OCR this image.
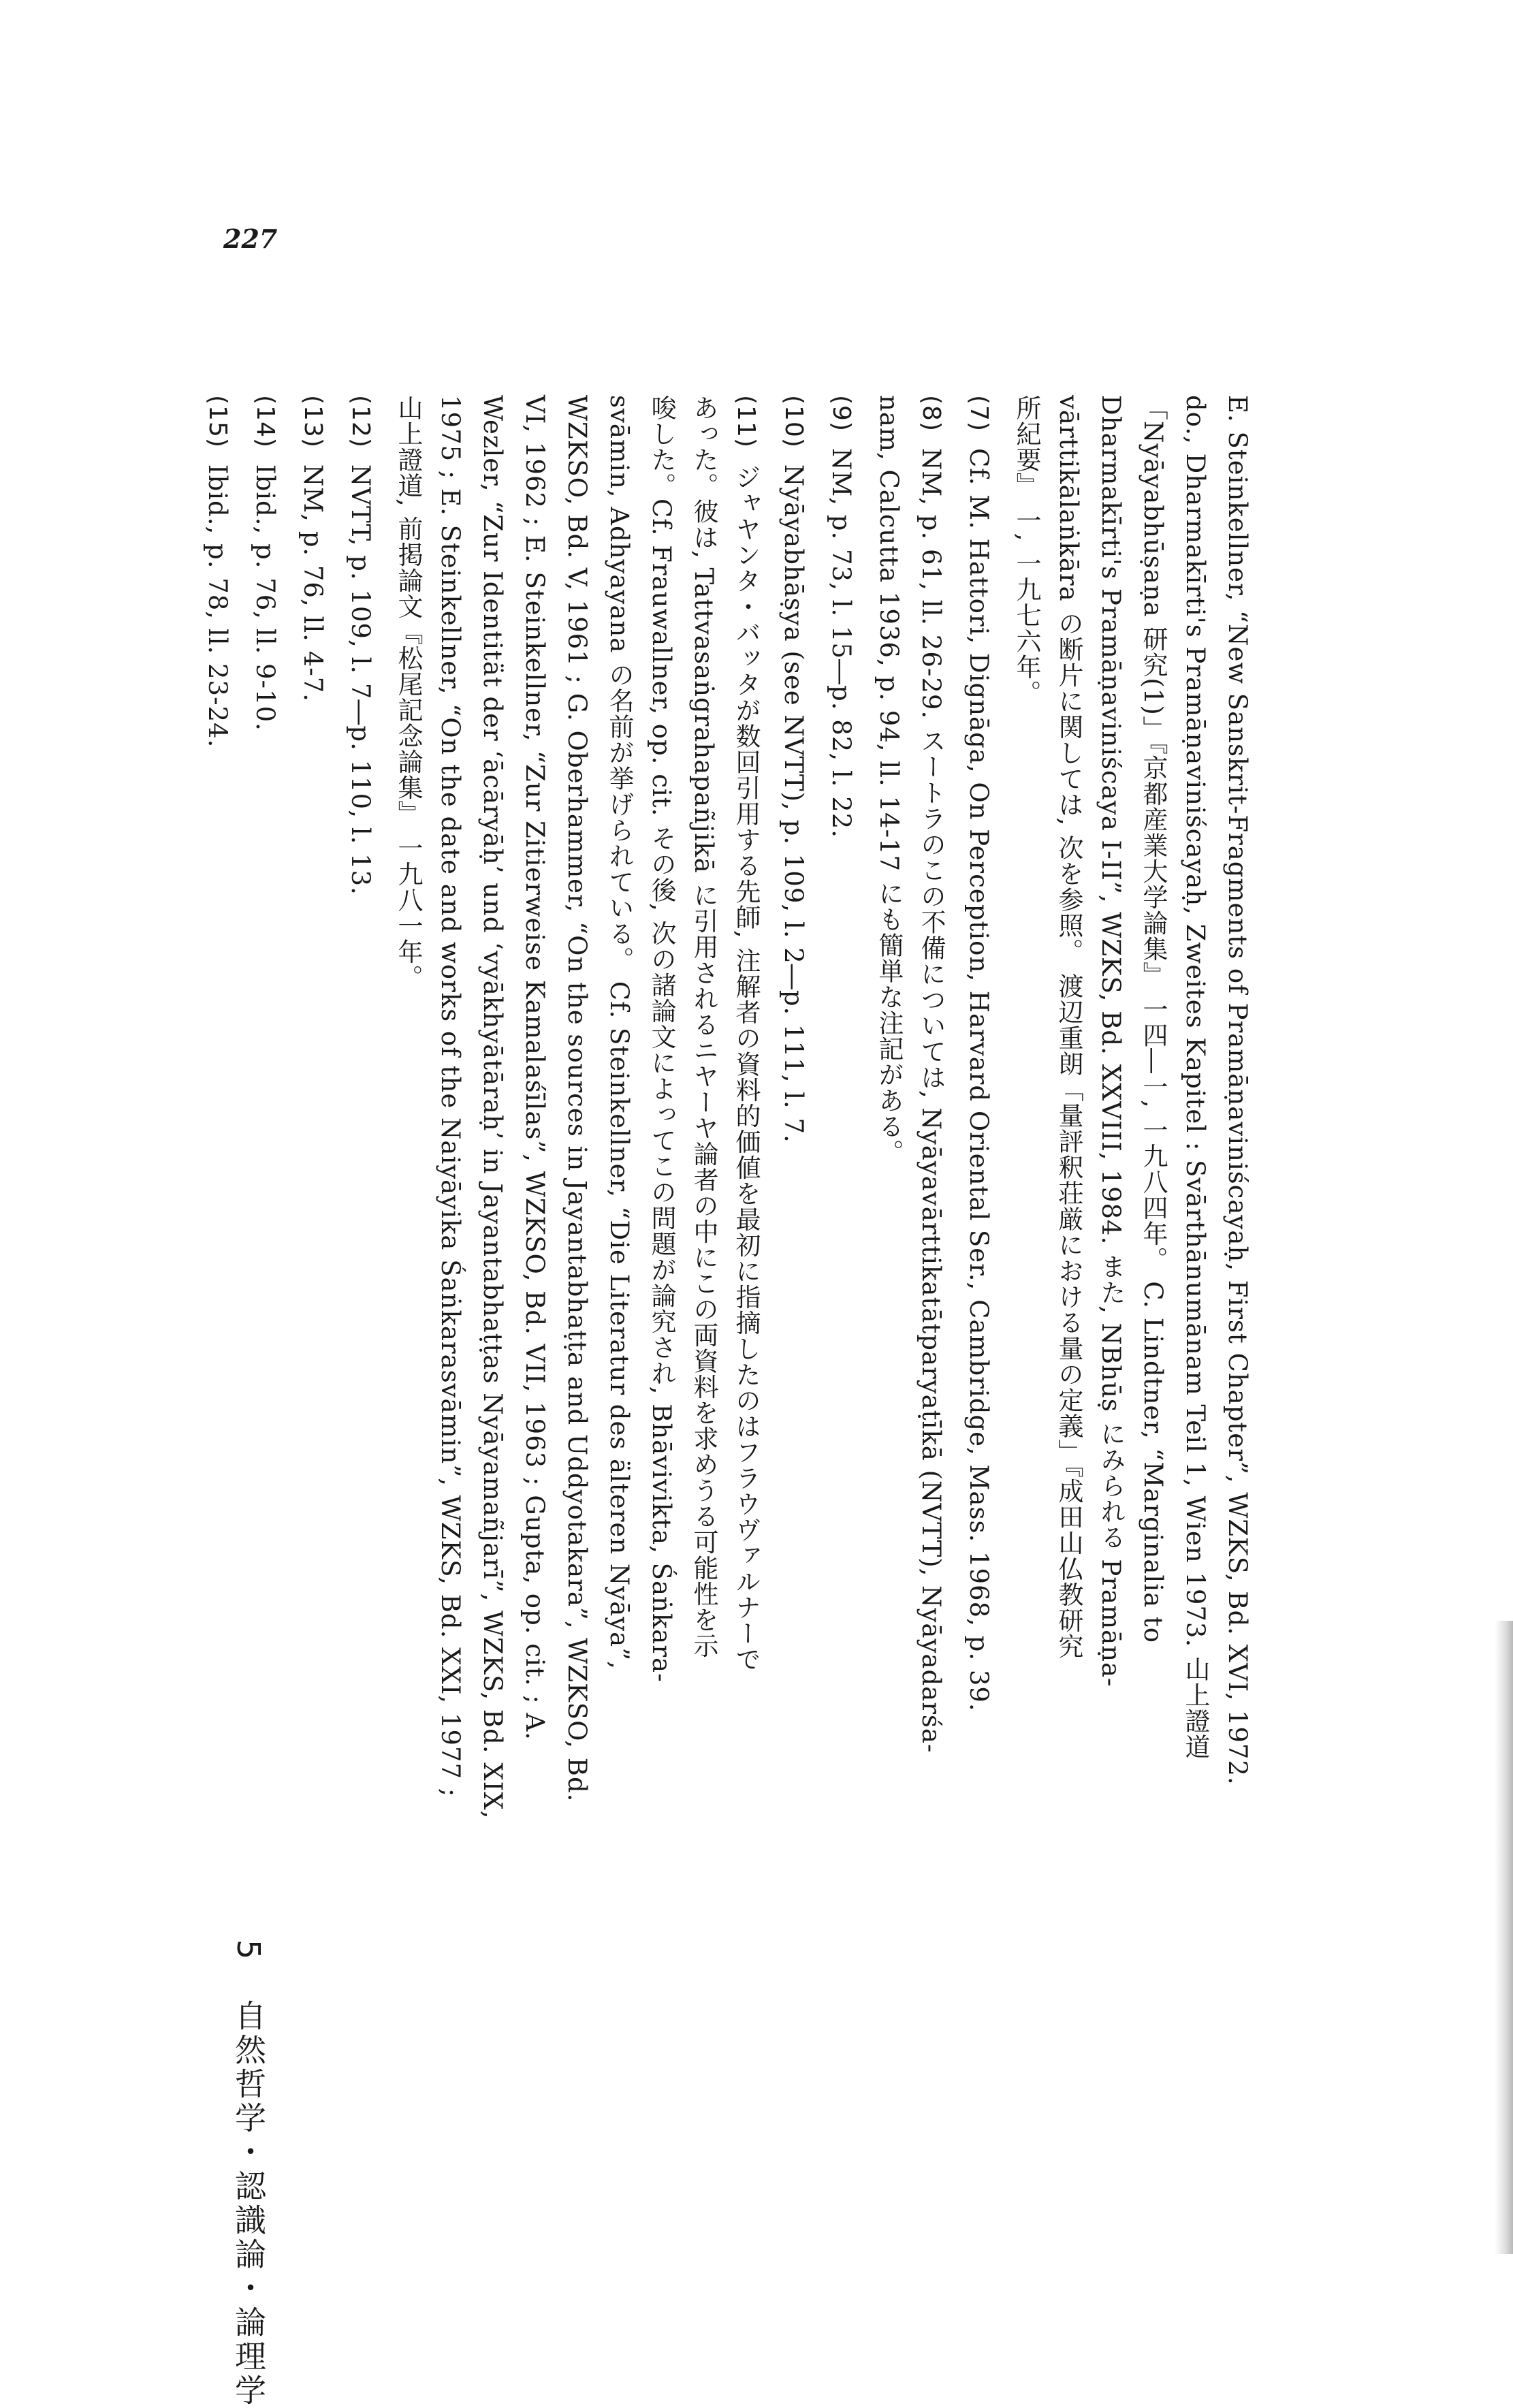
227
E. Steinkellner, “New Sanskrit-Fragments of Pramāṇaviniścayaḥ, First Chapter”, WZKS, Bd. XVI, 1972.
do., Dharmakīrti's Pramāṇaviniścayaḥ, Zweites Kapitel : Svārthānumānam Teil 1, Wien 1973. 山上證道
「Nyāyabhūṣaṇa 研究(1)」『京都産業大学論集』 一四―一, 一九八四年。 C. Lindtner, “Marginalia to
Dharmakīrti's Pramāṇaviniścaya I-II”, WZKS, Bd. XXVIII, 1984. また, NBhūṣ にみられる Pramāṇa-
vārttikālaṅkāra の断片に関しては, 次を参照。 渡辺重朗「量評釈荘厳における量の定義」『成田山仏教研究
所紀要』 一, 一九七六年。
(7)Cf. M. Hattori, Dignāga, On Perception, Harvard Oriental Ser., Cambridge, Mass. 1968, p. 39.
(8)NM, p. 61, ll. 26-29. スートラのこの不備については, Nyāyavārttikatātparyaṭīkā (NVTT), Nyāyadarśa-
nam, Calcutta 1936, p. 94, ll. 14-17 にも簡単な注記がある。
(9)NM, p. 73, l. 15―p. 82, l. 22.
(10)Nyāyabhāṣya (see NVTT), p. 109, l. 2―p. 111, l. 7.
(11)ジャヤンタ・バッタが数回引用する先師, 注解者の資料的価値を最初に指摘したのはフラウヴァルナーで
あった。彼は, Tattvasaṅgrahapañjikā に引用されるニヤーヤ論者の中にこの両資料を求めうる可能性を示
唆した。Cf. Frauwallner, op. cit. その後, 次の諸論文によってこの問題が論究され, Bhāvivikta, Śaṅkara-
svāmin, Adhyayana の名前が挙げられている。 Cf. Steinkellner, “Die Literatur des älteren Nyāya”,
WZKSO, Bd. V, 1961 ; G. Oberhammer, “On the sources in Jayantabhaṭṭa and Uddyotakara”, WZKSO, Bd.
VI, 1962 ; E. Steinkellner, “Zur Zitierweise Kamalaśīlas”, WZKSO, Bd. VII, 1963 ; Gupta, op. cit. ; A.
Wezler, “Zur Identität der ‘ācāryāḥ’ und ‘vyākhyātāraḥ’ in Jayantabhaṭṭas Nyāyamañjarī”, WZKS, Bd. XIX,
1975 ; E. Steinkellner, “On the date and works of the Naiyāyika Śaṅkarasvāmin”, WZKS, Bd. XXI, 1977 ;
山上證道, 前掲論文『松尾記念論集』 一九八一年。
(12)NVTT, p. 109, l. 7―p. 110, l. 13.
(13)NM, p. 76, ll. 4-7.
(14)Ibid., p. 76, ll. 9-10.
(15)Ibid., p. 78, ll. 23-24.
5 自然哲学・認識論・論理学
